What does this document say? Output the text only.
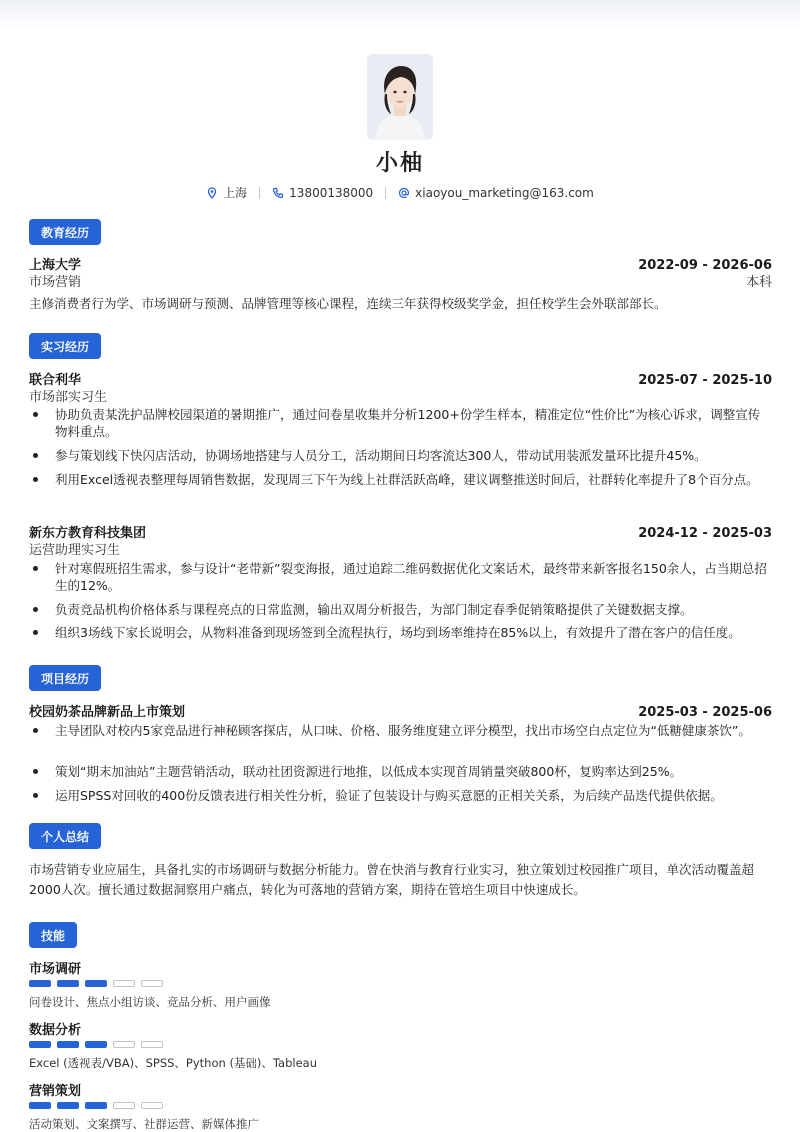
小柚
上海	13800138000	xiaoyou_marketing@163.com
教育经历
上海大学	2022-09 - 2026-06
市场营销	本科
主修消费者行为学、市场调研与预测、品牌管理等核心课程，连续三年获得校级奖学金，担任校学生会外联部部长。
实习经历
联合利华	2025-07 - 2025-10
市场部实习生
协助负责某洗护品牌校园渠道的暑期推广，通过问卷星收集并分析1200+份学生样本，精准定位“性价比”为核心诉求，调整宣传物料重点。
参与策划线下快闪店活动，协调场地搭建与人员分工，活动期间日均客流达300人，带动试用装派发量环比提升45%。
利用Excel透视表整理每周销售数据，发现周三下午为线上社群活跃高峰，建议调整推送时间后，社群转化率提升了8个百分点。
新东方教育科技集团	2024-12 - 2025-03
运营助理实习生
针对寒假班招生需求，参与设计“老带新”裂变海报，通过追踪二维码数据优化文案话术，最终带来新客报名150余人，占当期总招生的12%。
负责竞品机构价格体系与课程亮点的日常监测，输出双周分析报告，为部门制定春季促销策略提供了关键数据支撑。
组织3场线下家长说明会，从物料准备到现场签到全流程执行，场均到场率维持在85%以上，有效提升了潜在客户的信任度。
项目经历
校园奶茶品牌新品上市策划	2025-03 - 2025-06
主导团队对校内5家竞品进行神秘顾客探店，从口味、价格、服务维度建立评分模型，找出市场空白点定位为“低糖健康茶饮”。
策划“期末加油站”主题营销活动，联动社团资源进行地推，以低成本实现首周销量突破800杯，复购率达到25%。
运用SPSS对回收的400份反馈表进行相关性分析，验证了包装设计与购买意愿的正相关关系，为后续产品迭代提供依据。
个人总结
市场营销专业应届生，具备扎实的市场调研与数据分析能力。曾在快消与教育行业实习，独立策划过校园推广项目，单次活动覆盖超2000人次。擅长通过数据洞察用户痛点，转化为可落地的营销方案，期待在管培生项目中快速成长。
技能
市场调研
问卷设计、焦点小组访谈、竞品分析、用户画像
数据分析
Excel (透视表/VBA)、SPSS、Python (基础)、Tableau
营销策划
活动策划、文案撰写、社群运营、新媒体推广
